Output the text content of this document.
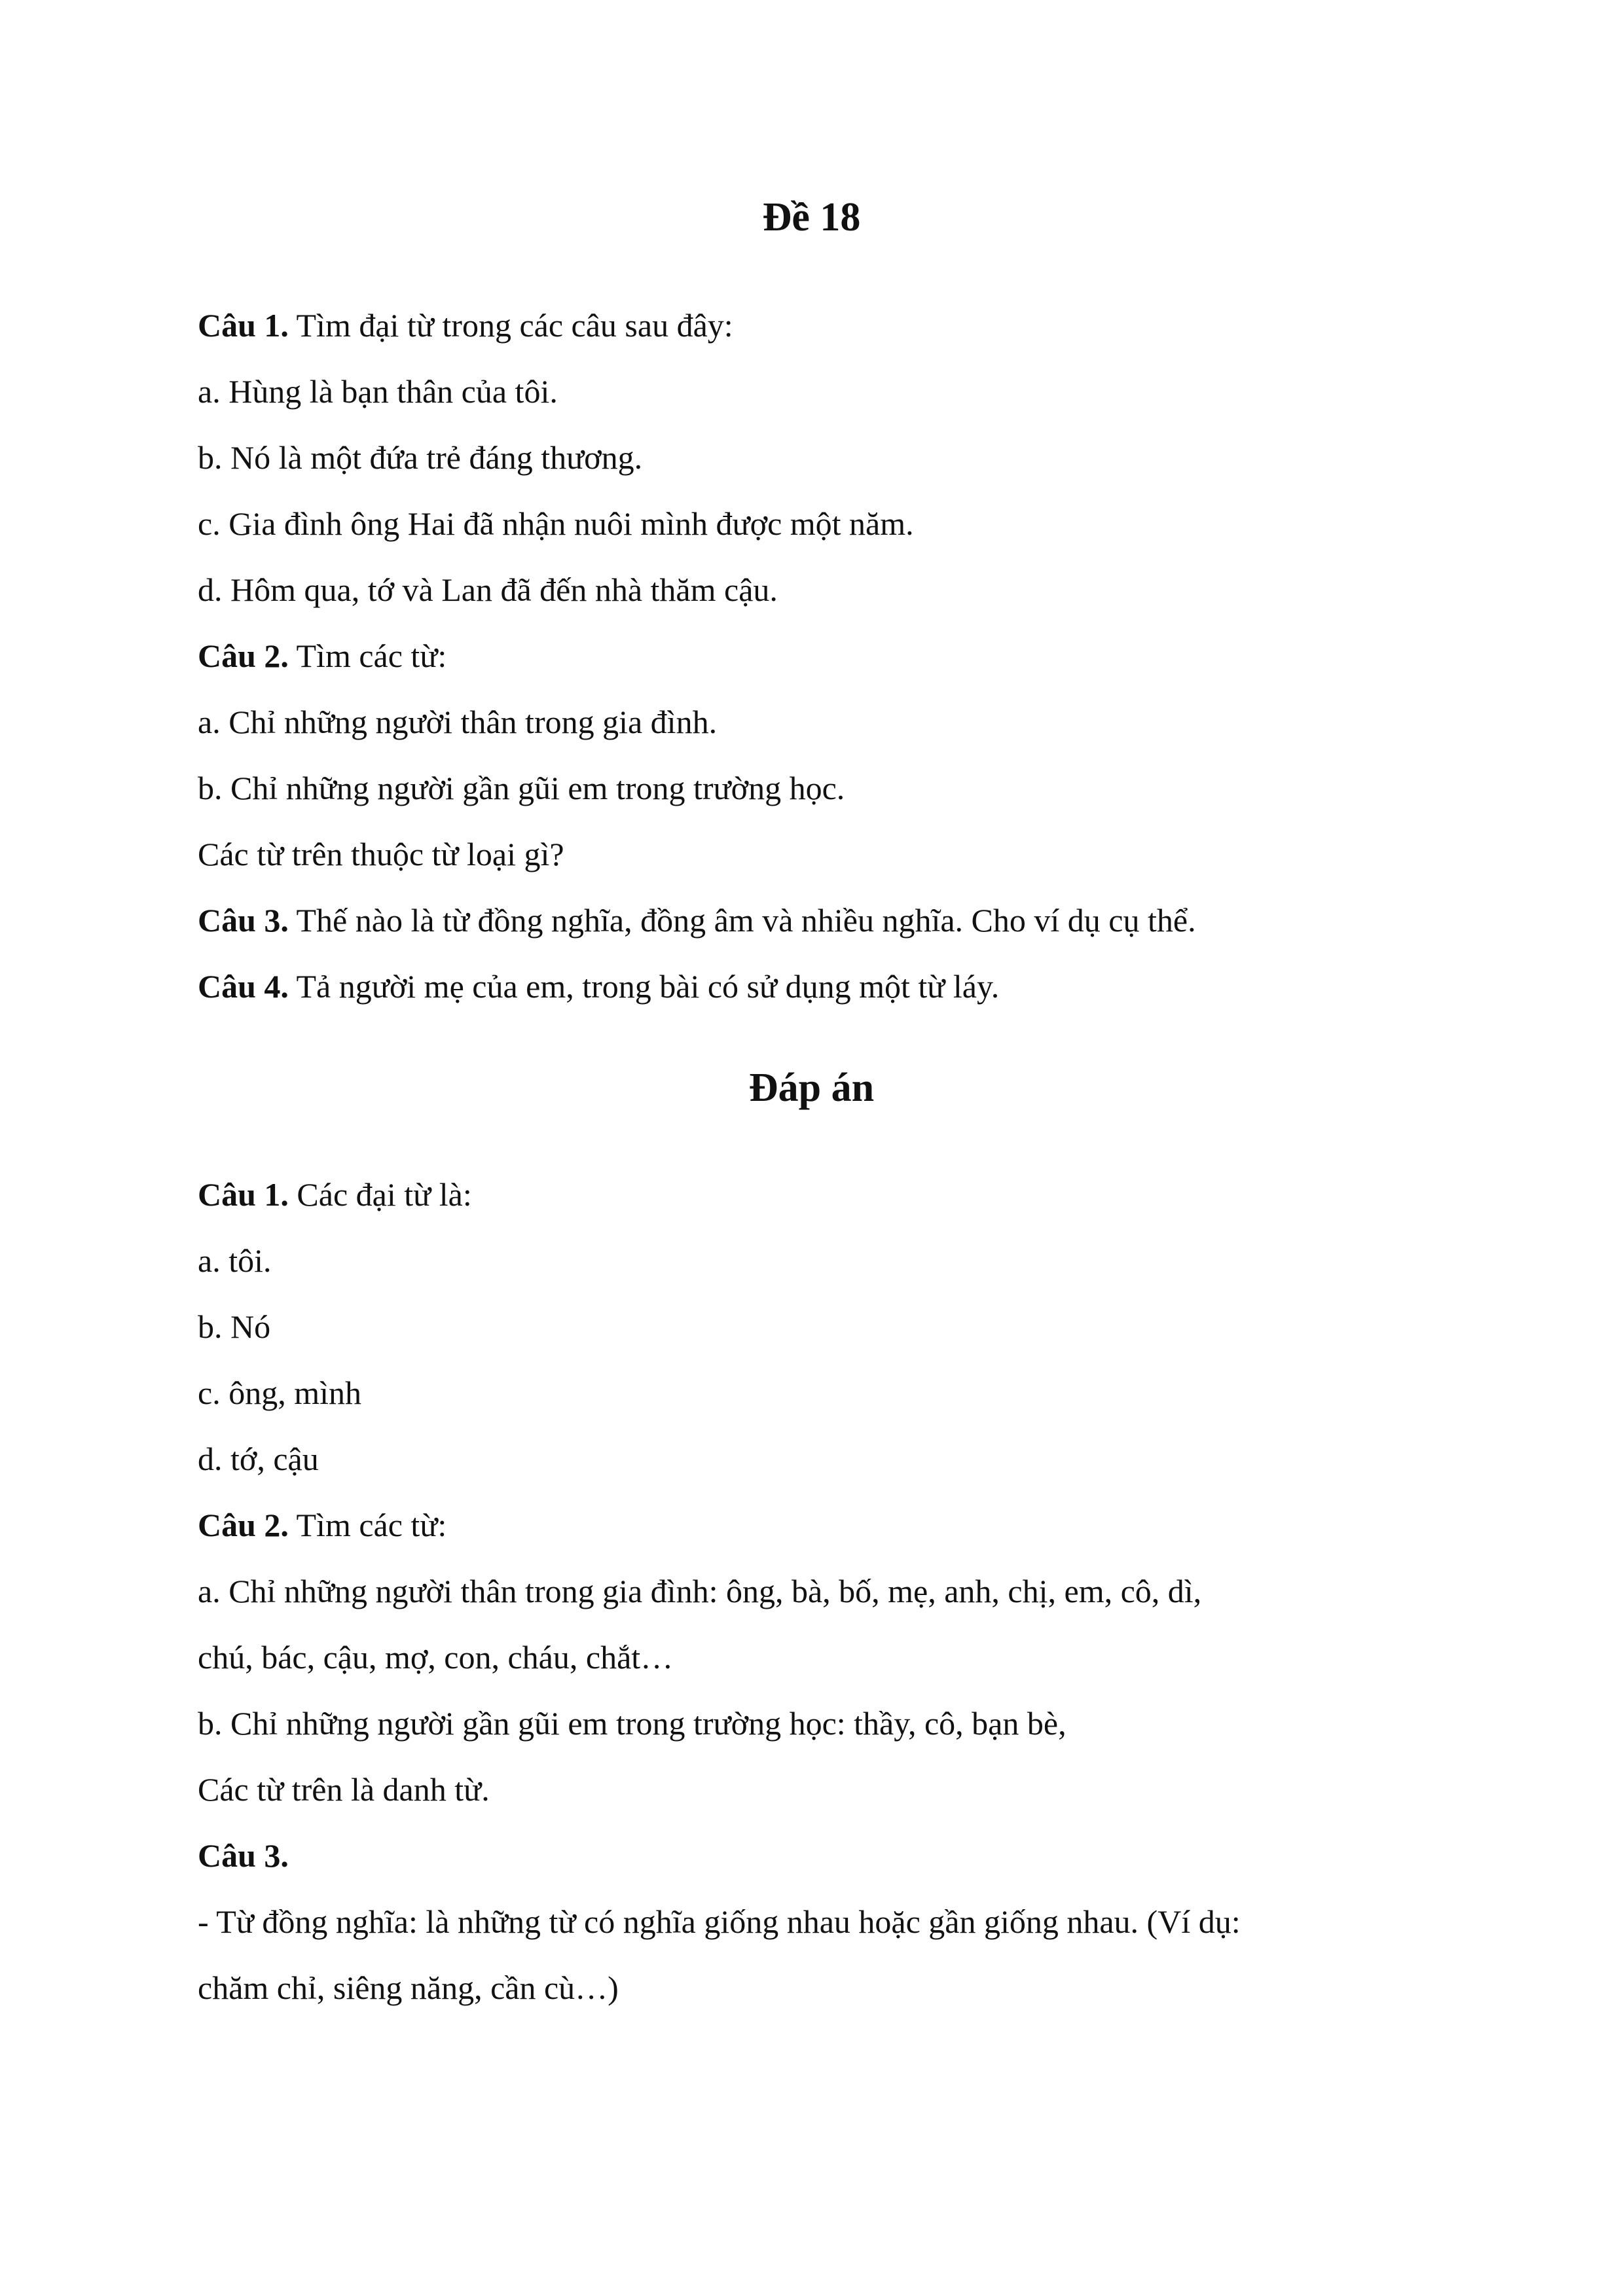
Đề 18

Câu 1. Tìm đại từ trong các câu sau đây:

a. Hùng là bạn thân của tôi.

b. Nó là một đứa trẻ đáng thương.

c. Gia đình ông Hai đã nhận nuôi mình được một năm.

d. Hôm qua, tớ và Lan đã đến nhà thăm cậu.

Câu 2. Tìm các từ:

a. Chỉ những người thân trong gia đình.

b. Chỉ những người gần gũi em trong trường học.

Các từ trên thuộc từ loại gì?

Câu 3. Thế nào là từ đồng nghĩa, đồng âm và nhiều nghĩa. Cho ví dụ cụ thể.

Câu 4. Tả người mẹ của em, trong bài có sử dụng một từ láy.

Đáp án

Câu 1. Các đại từ là:

a. tôi.

b. Nó

c. ông, mình

d. tớ, cậu

Câu 2. Tìm các từ:

a. Chỉ những người thân trong gia đình: ông, bà, bố, mẹ, anh, chị, em, cô, dì,

chú, bác, cậu, mợ, con, cháu, chắt…

b. Chỉ những người gần gũi em trong trường học: thầy, cô, bạn bè,

Các từ trên là danh từ.

Câu 3.

- Từ đồng nghĩa: là những từ có nghĩa giống nhau hoặc gần giống nhau. (Ví dụ:

chăm chỉ, siêng năng, cần cù…)
